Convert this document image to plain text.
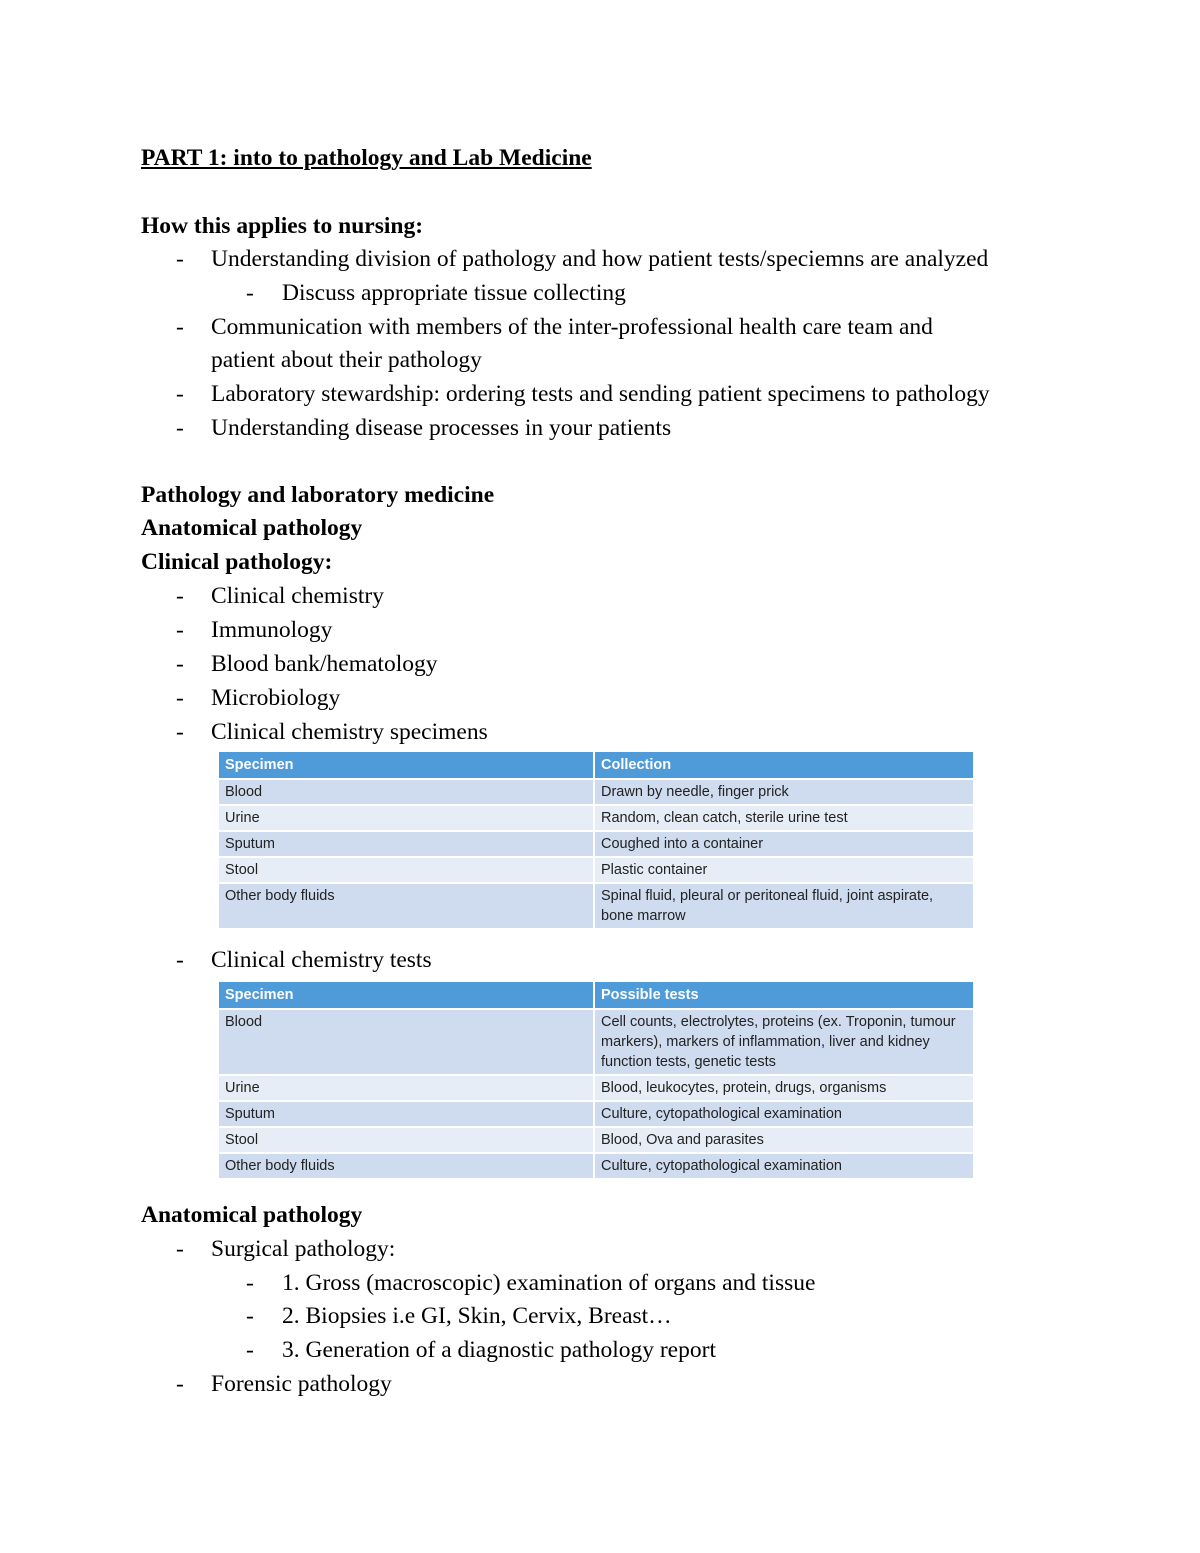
PART 1: into to pathology and Lab Medicine
How this applies to nursing:
- Understanding division of pathology and how patient tests/speciemns are analyzed
- Discuss appropriate tissue collecting
- Communication with members of the inter-professional health care team and
patient about their pathology
- Laboratory stewardship: ordering tests and sending patient specimens to pathology
- Understanding disease processes in your patients
Pathology and laboratory medicine
Anatomical pathology
Clinical pathology:
- Clinical chemistry
- Immunology
- Blood bank/hematology
- Microbiology
- Clinical chemistry specimens
Specimen	Collection
Blood	Drawn by needle, finger prick
Urine	Random, clean catch, sterile urine test
Sputum	Coughed into a container
Stool	Plastic container
Other body fluids	Spinal fluid, pleural or peritoneal fluid, joint aspirate, bone marrow
- Clinical chemistry tests
Specimen	Possible tests
Blood	Cell counts, electrolytes, proteins (ex. Troponin, tumour markers), markers of inflammation, liver and kidney function tests, genetic tests
Urine	Blood, leukocytes, protein, drugs, organisms
Sputum	Culture, cytopathological examination
Stool	Blood, Ova and parasites
Other body fluids	Culture, cytopathological examination
Anatomical pathology
- Surgical pathology:
- 1. Gross (macroscopic) examination of organs and tissue
- 2. Biopsies i.e GI, Skin, Cervix, Breast…
- 3. Generation of a diagnostic pathology report
- Forensic pathology
